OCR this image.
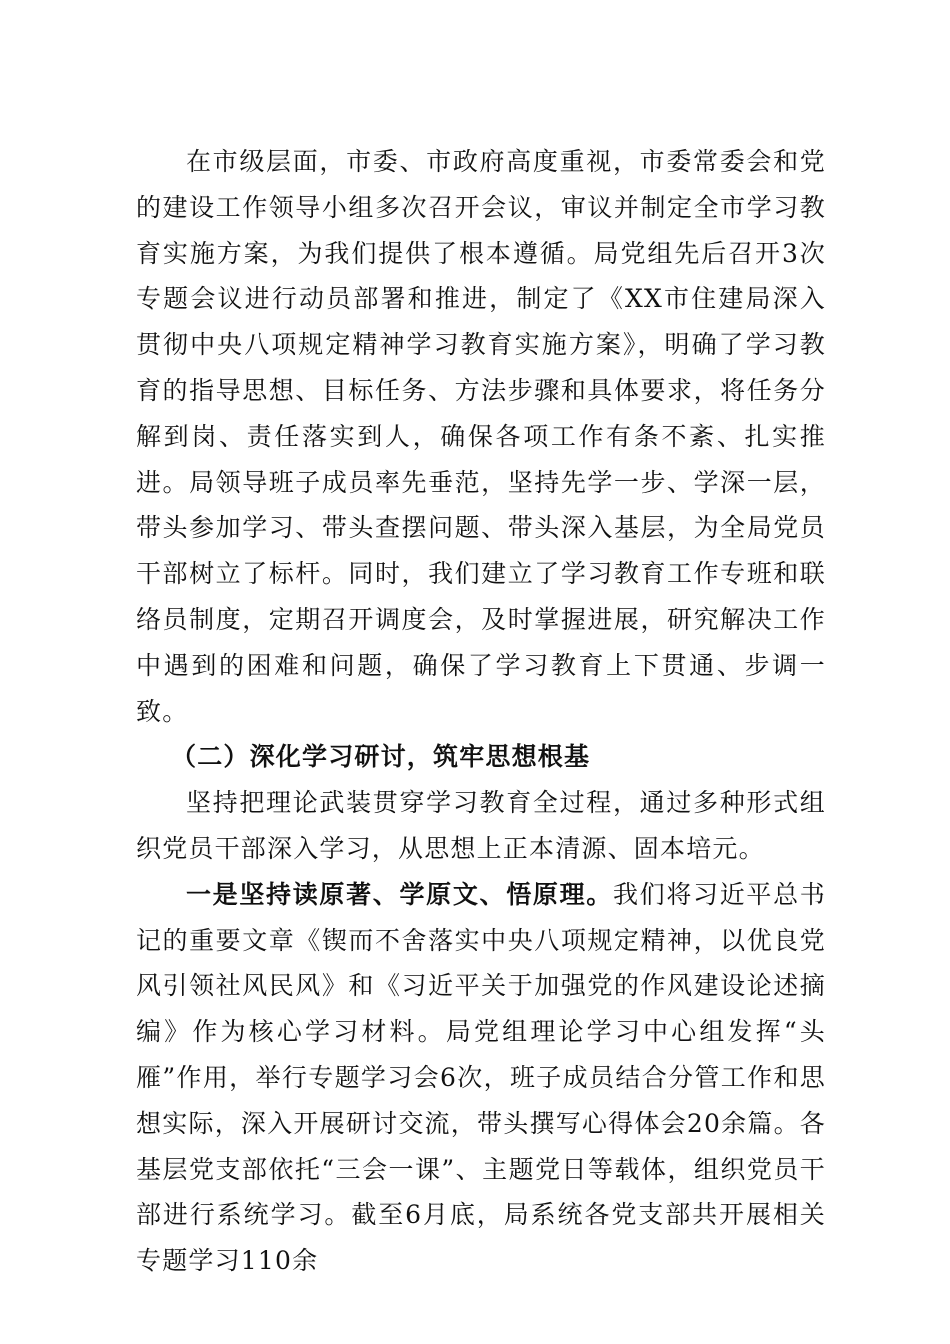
在市级层面，市委、市政府高度重视，市委常委会和党的建设工作领导小组多次召开会议，审议并制定全市学习教育实施方案，为我们提供了根本遵循。局党组先后召开3次专题会议进行动员部署和推进，制定了《XX市住建局深入贯彻中央八项规定精神学习教育实施方案》，明确了学习教育的指导思想、目标任务、方法步骤和具体要求，将任务分解到岗、责任落实到人，确保各项工作有条不紊、扎实推进。局领导班子成员率先垂范，坚持先学一步、学深一层，带头参加学习、带头查摆问题、带头深入基层，为全局党员干部树立了标杆。同时，我们建立了学习教育工作专班和联络员制度，定期召开调度会，及时掌握进展，研究解决工作中遇到的困难和问题，确保了学习教育上下贯通、步调一致。

（二）深化学习研讨，筑牢思想根基

坚持把理论武装贯穿学习教育全过程，通过多种形式组织党员干部深入学习，从思想上正本清源、固本培元。

一是坚持读原著、学原文、悟原理。我们将习近平总书记的重要文章《锲而不舍落实中央八项规定精神，以优良党风引领社风民风》和《习近平关于加强党的作风建设论述摘编》作为核心学习材料。局党组理论学习中心组发挥“头雁”作用，举行专题学习会6次，班子成员结合分管工作和思想实际，深入开展研讨交流，带头撰写心得体会20余篇。各基层党支部依托“三会一课”、主题党日等载体，组织党员干部进行系统学习。截至6月底，局系统各党支部共开展相关专题学习110余
